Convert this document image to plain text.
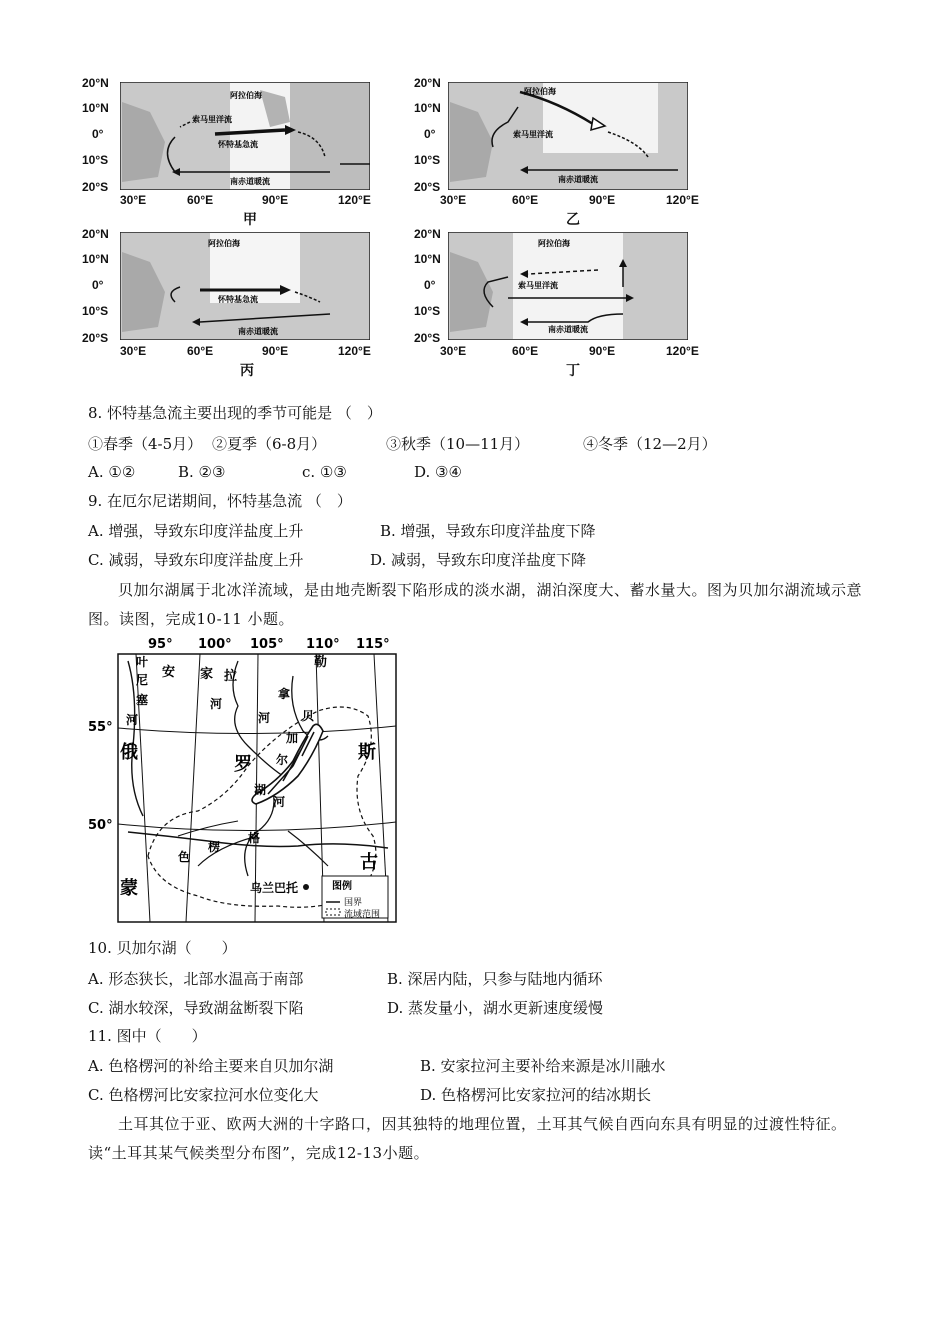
阿拉伯海
索马里洋流
怀特基急流
南赤道暖流
阿拉伯海
索马里洋流
南赤道暖流
阿拉伯海
怀特基急流
南赤道暖流
阿拉伯海
索马里洋流
南赤道暖流
20°N
10°N
0°
10°S
20°S
20°N
10°N
0°
10°S
20°S
30°E	60°E	90°E	120°E	30°E	60°E	90°E	120°E
甲	乙
20°N
10°N
0°
10°S
20°S
20°N
10°N
0°
10°S
20°S
30°E	60°E	90°E	120°E	30°E	60°E	90°E	120°E
丙	丁
8. 怀特基急流主要出现的季节可能是 （　）
①春季（4-5月） ②夏季（6-8月）	③秋季（10—11月）	④冬季（12—2月）
A. ①②	B. ②③	c. ①③	D. ③④
9. 在厄尔尼诺期间，怀特基急流 （　）
A. 增强，导致东印度洋盐度上升	B. 增强，导致东印度洋盐度下降
C. 减弱，导致东印度洋盐度上升	D. 减弱，导致东印度洋盐度下降
贝加尔湖属于北冰洋流域，是由地壳断裂下陷形成的淡水湖，湖泊深度大、蓄水量大。图为贝加尔湖流域示意图。读图，完成10-11 小题。
95° 100° 105° 110° 115°
55°
50°
叶
尼
塞
河
安 家 拉
河
勒
拿
河
俄
罗
斯
贝
加
尔
湖
色
楞
格
河
蒙
古
乌兰巴托	图例
国界
流域范围
10. 贝加尔湖（　　）
A. 形态狭长，北部水温高于南部	B. 深居内陆，只参与陆地内循环
C. 湖水较深，导致湖盆断裂下陷	D. 蒸发量小，湖水更新速度缓慢
11. 图中（　　）
A. 色格楞河的补给主要来自贝加尔湖	B. 安家拉河主要补给来源是冰川融水
C. 色格楞河比安家拉河水位变化大	D. 色格楞河比安家拉河的结冰期长
土耳其位于亚、欧两大洲的十字路口，因其独特的地理位置，土耳其气候自西向东具有明显的过渡性特征。读“土耳其某气候类型分布图”，完成12-13小题。
